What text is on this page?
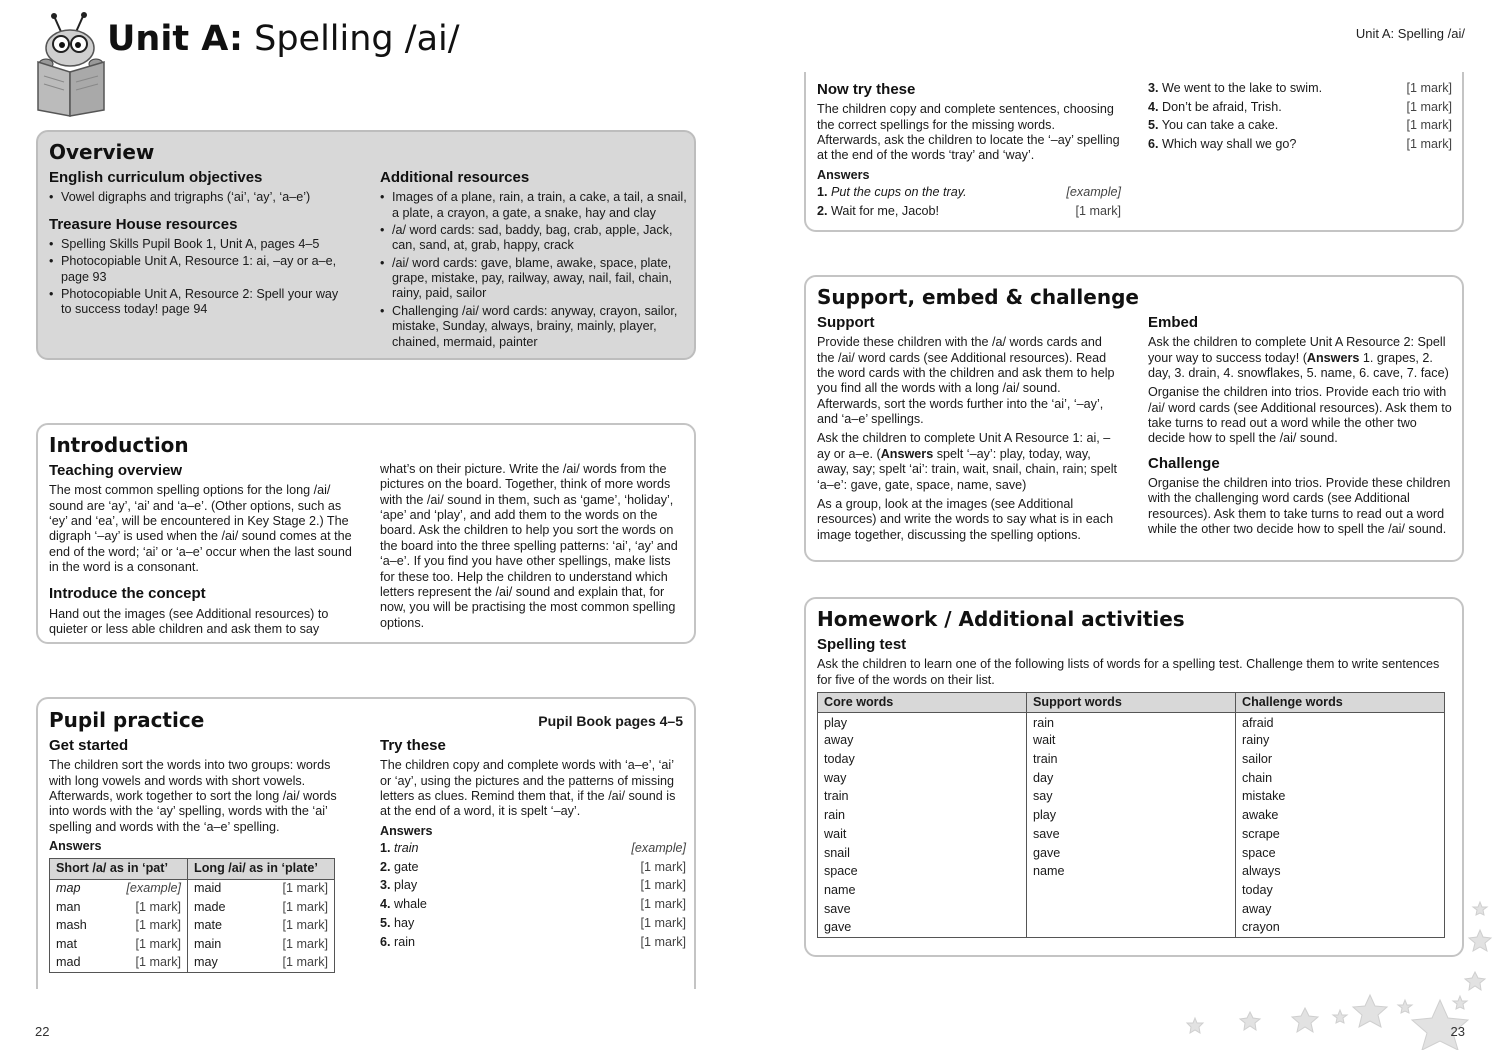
Unit A: Spelling /ai/
Overview
English curriculum objectives
• Vowel digraphs and trigraphs (‘ai’, ‘ay’, ‘a–e’)
Treasure House resources
• Spelling Skills Pupil Book 1, Unit A, pages 4–5
• Photocopiable Unit A, Resource 1: ai, –ay or a–e, page 93
• Photocopiable Unit A, Resource 2: Spell your way to success today! page 94
Additional resources
• Images of a plane, rain, a train, a cake, a tail, a snail, a plate, a crayon, a gate, a snake, hay and clay
• /a/ word cards: sad, baddy, bag, crab, apple, Jack, can, sand, at, grab, happy, crack
• /ai/ word cards: gave, blame, awake, space, plate, grape, mistake, pay, railway, away, nail, fail, chain, rainy, paid, sailor
• Challenging /ai/ word cards: anyway, crayon, sailor, mistake, Sunday, always, brainy, mainly, player, chained, mermaid, painter
Introduction
Teaching overview

The most common spelling options for the long /ai/ sound are ‘ay’, ‘ai’ and ‘a–e’. (Other options, such as ‘ey’ and ‘ea’, will be encountered in Key Stage 2.) The digraph ‘–ay’ is used when the /ai/ sound comes at the end of the word; ‘ai’ or ‘a–e’ occur when the last sound in the word is a consonant.

Introduce the concept

Hand out the images (see Additional resources) to quieter or less able children and ask them to say

what’s on their picture. Write the /ai/ words from the pictures on the board. Together, think of more words with the /ai/ sound in them, such as ‘game’, ‘holiday’, ‘ape’ and ‘play’, and add them to the words on the board. Ask the children to help you sort the words on the board into the three spelling patterns: ‘ai’, ‘ay’ and ‘a–e’. If you find you have other spellings, make lists for these too. Help the children to understand which letters represent the /ai/ sound and explain that, for now, you will be practising the most common spelling options.

Pupil practice	Pupil Book pages 4–5
Get started

The children sort the words into two groups: words with long vowels and words with short vowels. Afterwards, work together to sort the long /ai/ words into words with the ‘ay’ spelling, words with the ‘ai’ spelling and words with the ‘a–e’ spelling.

Answers
Short /a/ as in ‘pat’	Long /ai/ as in ‘plate’
map [example]	maid [1 mark]

man [1 mark]	made [1 mark]

mash [1 mark]	mate [1 mark]

mat [1 mark]	main [1 mark]

mad [1 mark]	may [1 mark]
Try these

The children copy and complete words with ‘a–e’, ‘ai’ or ‘ay’, using the pictures and the patterns of missing letters as clues. Remind them that, if the /ai/ sound is at the end of a word, it is spelt ‘–ay’.

Answers
1. train	[example]
2. gate	[1 mark]
3. play	[1 mark]
4. whale	[1 mark]
5. hay	[1 mark]
6. rain	[1 mark]
22
Unit A: Spelling /ai/
Now try these

The children copy and complete sentences, choosing the correct spellings for the missing words. Afterwards, ask the children to locate the ‘–ay’ spelling at the end of the words ‘tray’ and ‘way’.

Answers
1. Put the cups on the tray.	[example]
2. Wait for me, Jacob!	[1 mark]
3. We went to the lake to swim.	[1 mark]
4. Don’t be afraid, Trish.	[1 mark]
5. You can take a cake.	[1 mark]
6. Which way shall we go?	[1 mark]
Support, embed & challenge
Support

Provide these children with the /a/ words cards and the /ai/ word cards (see Additional resources). Read the word cards with the children and ask them to help you find all the words with a long /ai/ sound. Afterwards, sort the words further into the ‘ai’, ‘–ay’, and ‘a–e’ spellings.

Ask the children to complete Unit A Resource 1: ai, –ay or a–e. (Answers spelt ‘–ay’: play, today, way, away, say; spelt ‘ai’: train, wait, snail, chain, rain; spelt ‘a–e’: gave, gate, space, name, save)

As a group, look at the images (see Additional resources) and write the words to say what is in each image together, discussing the spelling options.

Embed

Ask the children to complete Unit A Resource 2: Spell your way to success today! (Answers 1. grapes, 2. day, 3. drain, 4. snowflakes, 5. name, 6. cave, 7. face)

Organise the children into trios. Provide each trio with /ai/ word cards (see Additional resources). Ask them to take turns to read out a word while the other two decide how to spell the /ai/ sound.

Challenge

Organise the children into trios. Provide these children with the challenging word cards (see Additional resources). Ask them to take turns to read out a word while the other two decide how to spell the /ai/ sound.

Homework / Additional activities
Spelling test

Ask the children to learn one of the following lists of words for a spelling test. Challenge them to write sentences for five of the words on their list.

Core words	Support words	Challenge words
play	rain	afraid
away	wait	rainy
today	train	sailor
way	day	chain
train	say	mistake
rain	play	awake
wait	save	scrape
snail	gave	space
space	name	always
name		today
save		away
gave		crayon
23
